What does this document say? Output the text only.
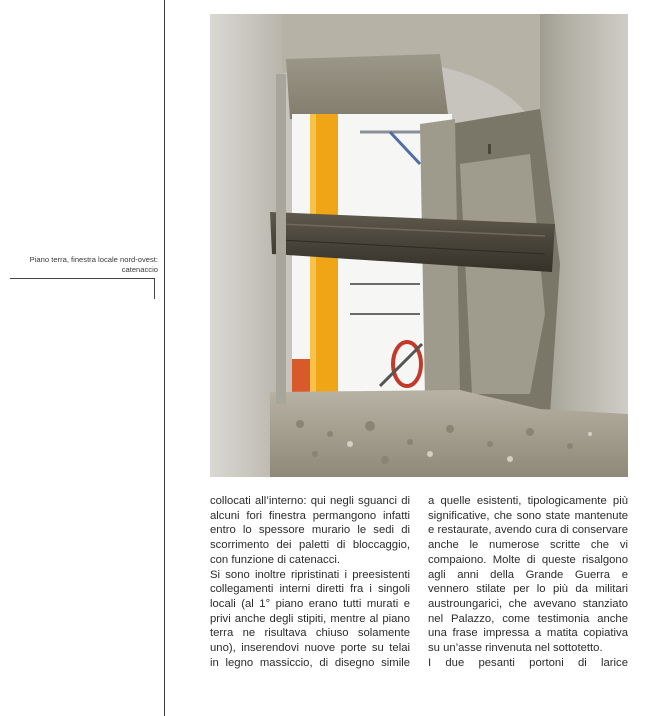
Piano terra, finestra locale nord-ovest:
catenaccio

collocati all’interno: qui negli sguanci di alcuni fori finestra permangono infatti entro lo spessore murario le sedi di scorrimento dei paletti di bloccaggio, con funzione di catenacci.

Si sono inoltre ripristinati i preesistenti collegamenti interni diretti fra i singoli locali (al 1° piano erano tutti murati e privi anche degli stipiti, mentre al piano terra ne risultava chiuso solamente uno), inserendovi nuove porte su telai in legno massiccio, di disegno simile

a quelle esistenti, tipologicamente più significative, che sono state mantenute e restaurate, avendo cura di conservare anche le numerose scritte che vi compaiono. Molte di queste risalgono agli anni della Grande Guerra e vennero stilate per lo più da militari austroungarici, che avevano stanziato nel Palazzo, come testimonia anche una frase impressa a matita copiativa su un’asse rinvenuta nel sottotetto.

I due pesanti portoni di larice
